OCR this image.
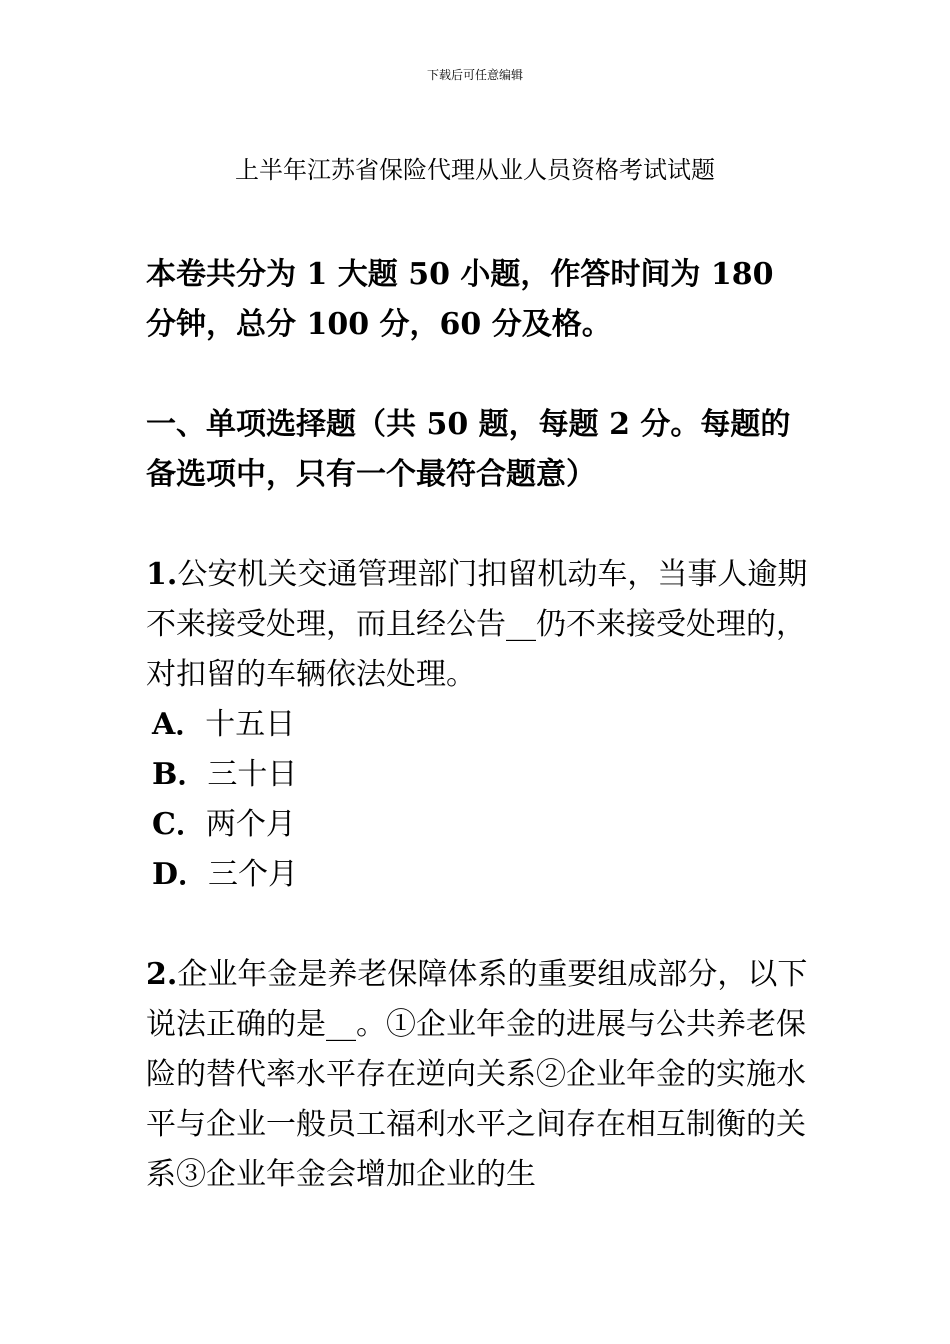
下载后可任意编辑
上半年江苏省保险代理从业人员资格考试试题

本卷共分为 1 大题 50 小题，作答时间为 180 分钟，总分 100 分，60 分及格。

一、单项选择题（共 50 题，每题 2 分。每题的备选项中，只有一个最符合题意）

1.公安机关交通管理部门扣留机动车，当事人逾期不来接受处理，而且经公告__仍不来接受处理的，对扣留的车辆依法处理。

A．十五日

B．三十日

C．两个月

D．三个月

2.企业年金是养老保障体系的重要组成部分，以下说法正确的是__。①企业年金的进展与公共养老保险的替代率水平存在逆向关系②企业年金的实施水平与企业一般员工福利水平之间存在相互制衡的关系③企业年金会增加企业的生
